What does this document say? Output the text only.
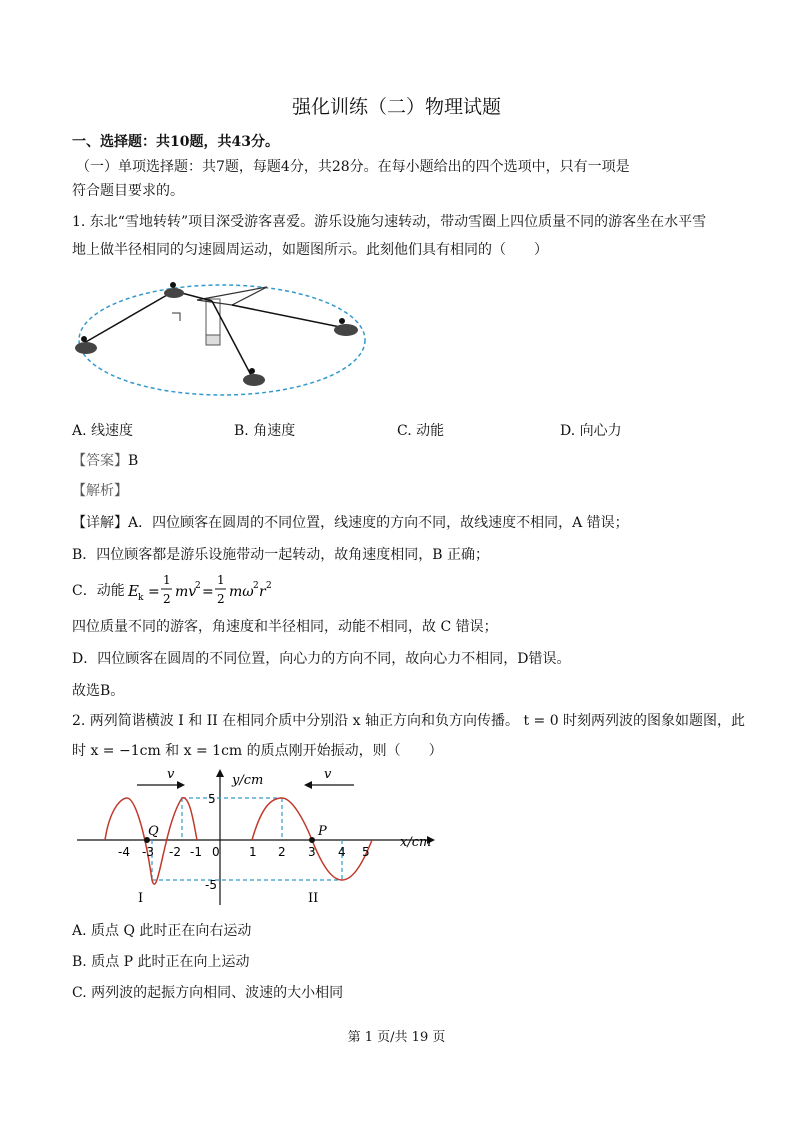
强化训练（二）物理试题
一、选择题：共10题，共43分。
（一）单项选择题：共7题，每题4分，共28分。在每小题给出的四个选项中，只有一项是
符合题目要求的。
1. 东北“雪地转转”项目深受游客喜爱。游乐设施匀速转动，带动雪圈上四位质量不同的游客坐在水平雪
地上做半径相同的匀速圆周运动，如题图所示。此刻他们具有相同的（　　）
A. 线速度	B. 角速度	C. 动能	D. 向心力
【答案】B
【解析】
【详解】A．四位顾客在圆周的不同位置，线速度的方向不同，故线速度不相同，A 错误；
B．四位顾客都是游乐设施带动一起转动，故角速度相同，B 正确；
C．动能 E k =
1
2 mv
2 =
1
2 mω 2 r 2
四位质量不同的游客，角速度和半径相同，动能不相同，故 C 错误；
D．四位顾客在圆周的不同位置，向心力的方向不同，故向心力不相同，D错误。
故选B。
2. 两列简谐横波 I 和 II 在相同介质中分别沿 x 轴正方向和负方向传播。 t = 0 时刻两列波的图象如题图，此
时 x = −1cm 和 x = 1cm 的质点刚开始振动，则（　　）
y/cm
x/cm
-4 -3 -2 -1 0 1 2 3 4 5
5
-5
Q	P
v	v
I	II
A. 质点 Q 此时正在向右运动
B. 质点 P 此时正在向上运动
C. 两列波的起振方向相同、波速的大小相同
第 1 页/共 19 页
